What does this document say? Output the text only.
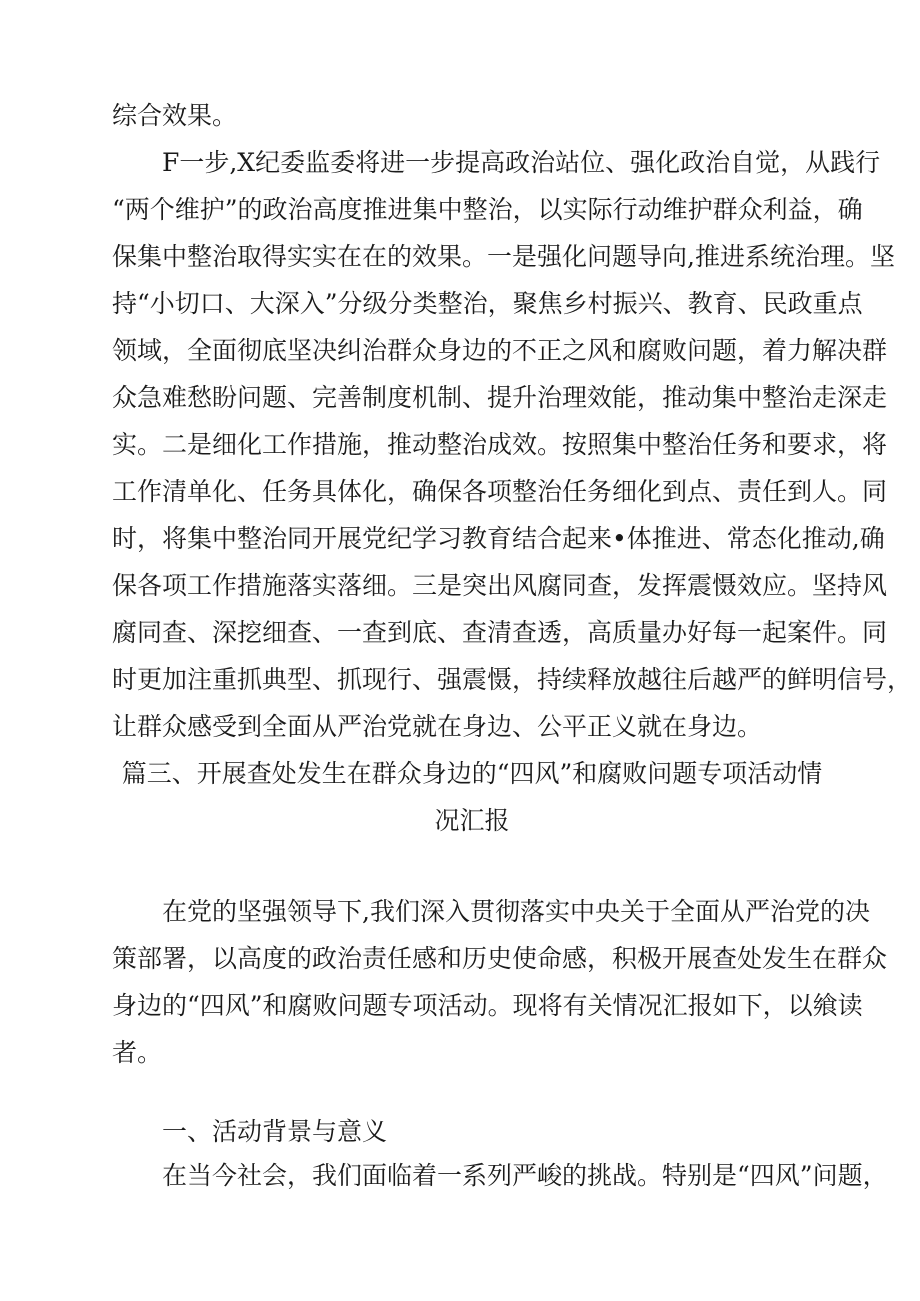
综合效果。
F一步,X纪委监委将进一步提高政治站位、强化政治自觉，从践行
“两个维护”的政治高度推进集中整治，以实际行动维护群众利益，确
保集中整治取得实实在在的效果。一是强化问题导向,推进系统治理。坚
持“小切口、大深入”分级分类整治，聚焦乡村振兴、教育、民政重点
领域，全面彻底坚决纠治群众身边的不正之风和腐败问题，着力解决群
众急难愁盼问题、完善制度机制、提升治理效能，推动集中整治走深走
实。二是细化工作措施，推动整治成效。按照集中整治任务和要求，将
工作清单化、任务具体化，确保各项整治任务细化到点、责任到人。同
时，将集中整治同开展党纪学习教育结合起来•体推进、常态化推动,确
保各项工作措施落实落细。三是突出风腐同查，发挥震慑效应。坚持风
腐同查、深挖细查、一查到底、查清查透，高质量办好每一起案件。同
时更加注重抓典型、抓现行、强震慑，持续释放越往后越严的鲜明信号，
让群众感受到全面从严治党就在身边、公平正义就在身边。
篇三、开展查处发生在群众身边的“四风”和腐败问题专项活动情
况汇报
在党的坚强领导下,我们深入贯彻落实中央关于全面从严治党的决
策部署，以高度的政治责任感和历史使命感，积极开展查处发生在群众
身边的“四风”和腐败问题专项活动。现将有关情况汇报如下，以飨读
者。
一、活动背景与意义
在当今社会，我们面临着一系列严峻的挑战。特别是“四风”问题，
